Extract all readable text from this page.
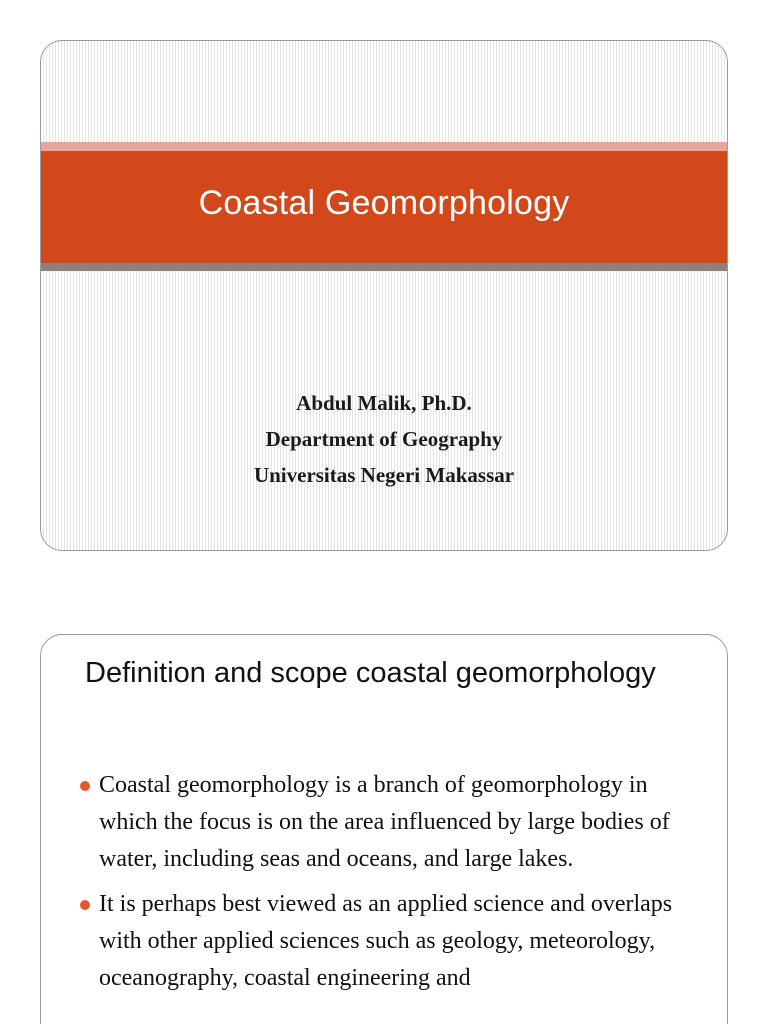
Coastal Geomorphology
Abdul Malik, Ph.D.
Department of Geography
Universitas Negeri Makassar
Definition and scope coastal geomorphology
Coastal geomorphology is a branch of geomorphology in which the focus is on the area influenced by large bodies of water, including seas and oceans, and large lakes.
It is perhaps best viewed as an applied science and overlaps with other applied sciences such as geology, meteorology, oceanography, coastal engineering and
